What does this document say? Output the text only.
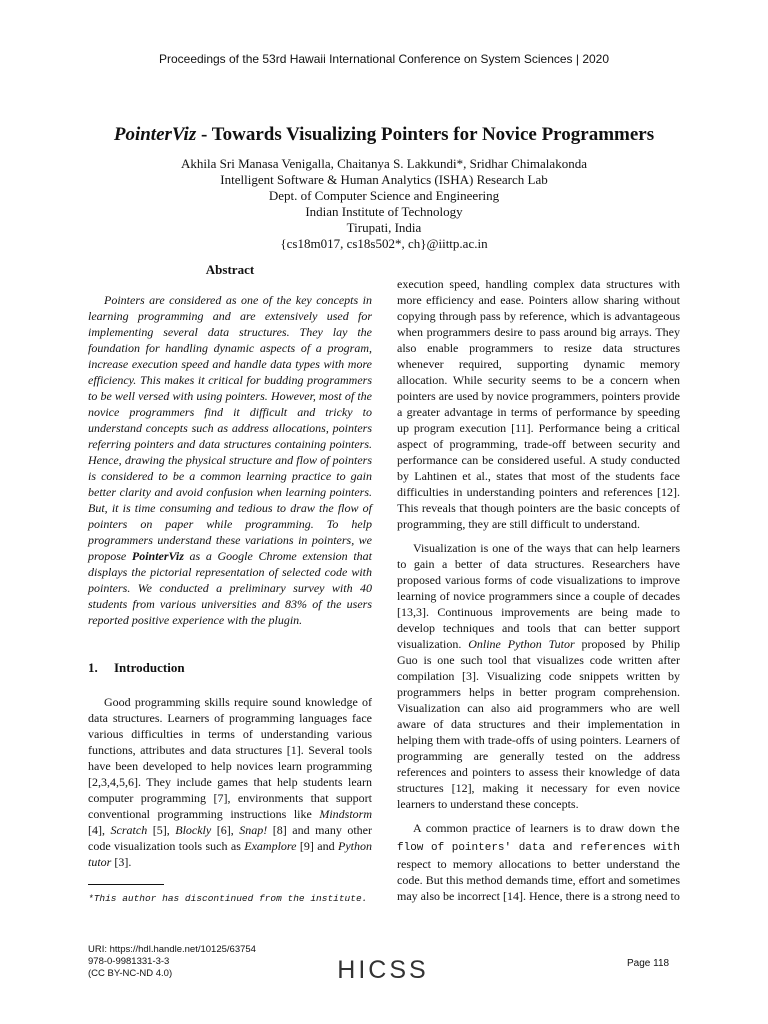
Proceedings of the 53rd Hawaii International Conference on System Sciences | 2020
PointerViz - Towards Visualizing Pointers for Novice Programmers
Akhila Sri Manasa Venigalla, Chaitanya S. Lakkundi*, Sridhar Chimalakonda
Intelligent Software & Human Analytics (ISHA) Research Lab
Dept. of Computer Science and Engineering
Indian Institute of Technology
Tirupati, India
{cs18m017, cs18s502*, ch}@iittp.ac.in
Abstract

Pointers are considered as one of the key concepts in learning programming and are extensively used for implementing several data structures. They lay the foundation for handling dynamic aspects of a program, increase execution speed and handle data types with more efficiency. This makes it critical for budding programmers to be well versed with using pointers. However, most of the novice programmers find it difficult and tricky to understand concepts such as address allocations, pointers referring pointers and data structures containing pointers. Hence, drawing the physical structure and flow of pointers is considered to be a common learning practice to gain better clarity and avoid confusion when learning pointers. But, it is time consuming and tedious to draw the flow of pointers on paper while programming. To help programmers understand these variations in pointers, we propose PointerViz as a Google Chrome extension that displays the pictorial representation of selected code with pointers. We conducted a preliminary survey with 40 students from various universities and 83% of the users reported positive experience with the plugin.

1. Introduction

Good programming skills require sound knowledge of data structures. Learners of programming languages face various difficulties in terms of understanding various functions, attributes and data structures [1]. Several tools have been developed to help novices learn programming [2,3,4,5,6]. They include games that help students learn computer programming [7], environments that support conventional programming instructions like Mindstorm [4], Scratch [5], Blockly [6], Snap! [8] and many other code visualization tools such as Examplore [9] and Python tutor [3].

*This author has discontinued from the institute.

execution speed, handling complex data structures with more efficiency and ease. Pointers allow sharing without copying through pass by reference, which is advantageous when programmers desire to pass around big arrays. They also enable programmers to resize data structures whenever required, supporting dynamic memory allocation. While security seems to be a concern when pointers are used by novice programmers, pointers provide a greater advantage in terms of performance by speeding up program execution [11]. Performance being a critical aspect of programming, trade-off between security and performance can be considered useful. A study conducted by Lahtinen et al., states that most of the students face difficulties in understanding pointers and references [12]. This reveals that though pointers are the basic concepts of programming, they are still difficult to understand.

Visualization is one of the ways that can help learners to gain a better of data structures. Researchers have proposed various forms of code visualizations to improve learning of novice programmers since a couple of decades [13,3]. Continuous improvements are being made to develop techniques and tools that can better support visualization. Online Python Tutor proposed by Philip Guo is one such tool that visualizes code written after compilation [3]. Visualizing code snippets written by programmers helps in better program comprehension. Visualization can also aid programmers who are well aware of data structures and their implementation in helping them with trade-offs of using pointers. Learners of programming are generally tested on the address references and pointers to assess their knowledge of data structures [12], making it necessary for even novice learners to understand these concepts.

A common practice of learners is to draw down the flow of pointers' data and references with respect to memory allocations to better understand the code. But this method demands time, effort and sometimes may also be incorrect [14]. Hence, there is a strong need to

URI: https://hdl.handle.net/10125/63754
978-0-9981331-3-3
(CC BY-NC-ND 4.0)	HICSS	Page 118
